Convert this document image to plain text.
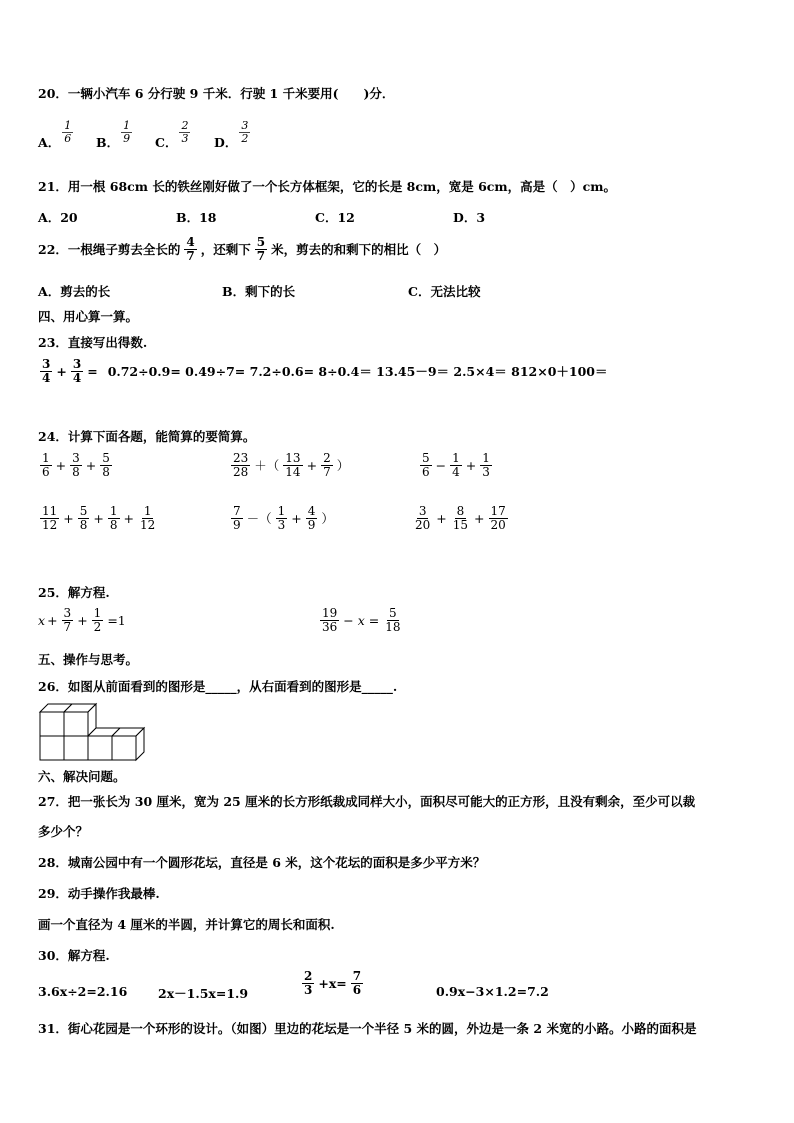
20．一辆小汽车 6 分行驶 9 千米．行驶 1 千米要用(　　)分．
A． $\frac{1}{6}$ B． $\frac{1}{9}$ C． $\frac{2}{3}$ D． $\frac{3}{2}$
21．用一根 68cm 长的铁丝刚好做了一个长方体框架，它的长是 8cm，宽是 6cm，高是（　）cm。
A．20	B．18	C．12	D．3
22．一根绳子剪去全长的 $\frac{4}{7}$ ，还剩下 $\frac{5}{7}$ 米，剪去的和剩下的相比（　）
A．剪去的长	B．剩下的长	C．无法比较
四、用心算一算。
23．直接写出得数.
$\frac{3}{4} + \frac{3}{4} = 0.72\div 0.9= 0.49\div 7= 7.2\div 0.6= 8\div 0.4= 13.45-9= 2.5\times 4= 812\times 0+100=$
24．计算下面各题，能简算的要简算。
$\frac{1}{6} + \frac{3}{8} + \frac{5}{8}$	$\frac{23}{28}$ ＋（ $\frac{13}{14} + \frac{2}{7}$ ）	$\frac{5}{6} - \frac{1}{4} + \frac{1}{3}$
$\frac{11}{12} + \frac{5}{8} + \frac{1}{8} + \frac{1}{12}$	$\frac{7}{9}$ －（ $\frac{1}{3} + \frac{4}{9}$ ）	$\frac{3}{20} + \frac{8}{15} + \frac{17}{20}$
25．解方程.
$x + \frac{3}{7} + \frac{1}{2} =1$	$\frac{19}{36} - x = \frac{5}{18}$
五、操作与思考。
26．如图从前面看到的图形是_____，从右面看到的图形是_____.
六、解决问题。
27．把一张长为 30 厘米，宽为 25 厘米的长方形纸裁成同样大小，面积尽可能大的正方形，且没有剩余，至少可以裁
多少个？
28．城南公园中有一个圆形花坛，直径是 6 米，这个花坛的面积是多少平方米？
29．动手操作我最棒.
画一个直径为 4 厘米的半圆，并计算它的周长和面积.
30．解方程.
3.6x÷2=2.16 2x－1.5x=1.9	$\frac{2}{3} +x= \frac{7}{6}$	0.9x−3×1.2=7.2
31．街心花园是一个环形的设计。（如图）里边的花坛是一个半径 5 米的圆，外边是一条 2 米宽的小路。小路的面积是
